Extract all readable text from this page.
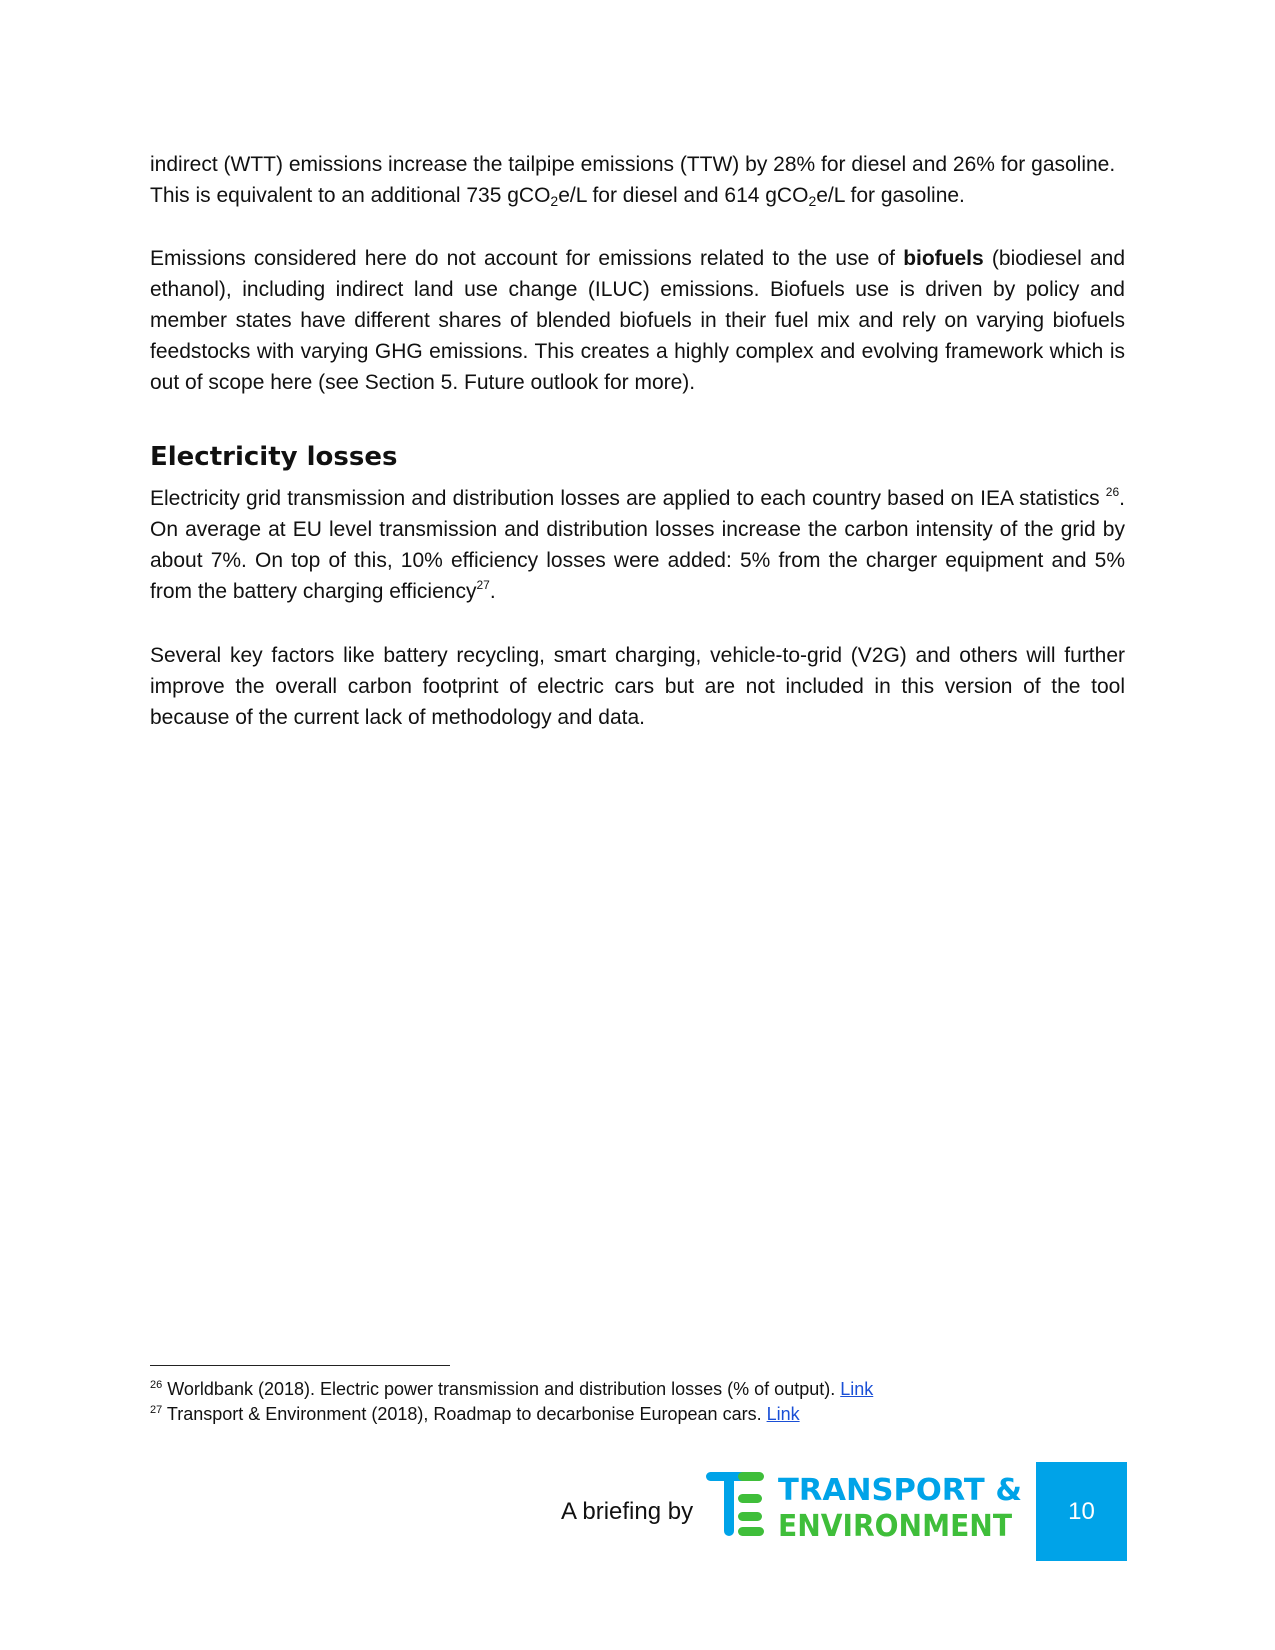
indirect (WTT) emissions increase the tailpipe emissions (TTW) by 28% for diesel and 26% for gasoline.
This is equivalent to an additional 735 gCO$_2$e/L for diesel and 614 gCO$_2$e/L for gasoline.

Emissions considered here do not account for emissions related to the use of biofuels (biodiesel and ethanol), including indirect land use change (ILUC) emissions. Biofuels use is driven by policy and member states have different shares of blended biofuels in their fuel mix and rely on varying biofuels feedstocks with varying GHG emissions. This creates a highly complex and evolving framework which is out of scope here (see Section 5. Future outlook for more).

Electricity losses

Electricity grid transmission and distribution losses are applied to each country based on IEA statistics $^{26}$. On average at EU level transmission and distribution losses increase the carbon intensity of the grid by about 7%. On top of this, 10% efficiency losses were added: 5% from the charger equipment and 5% from the battery charging efficiency$^{27}$.

Several key factors like battery recycling, smart charging, vehicle-to-grid (V2G) and others will further improve the overall carbon footprint of electric cars but are not included in this version of the tool because of the current lack of methodology and data.

$^{26}$ Worldbank (2018). Electric power transmission and distribution losses (% of output). Link

$^{27}$ Transport & Environment (2018), Roadmap to decarbonise European cars. Link

A briefing by
TRANSPORT &
ENVIRONMENT 10
